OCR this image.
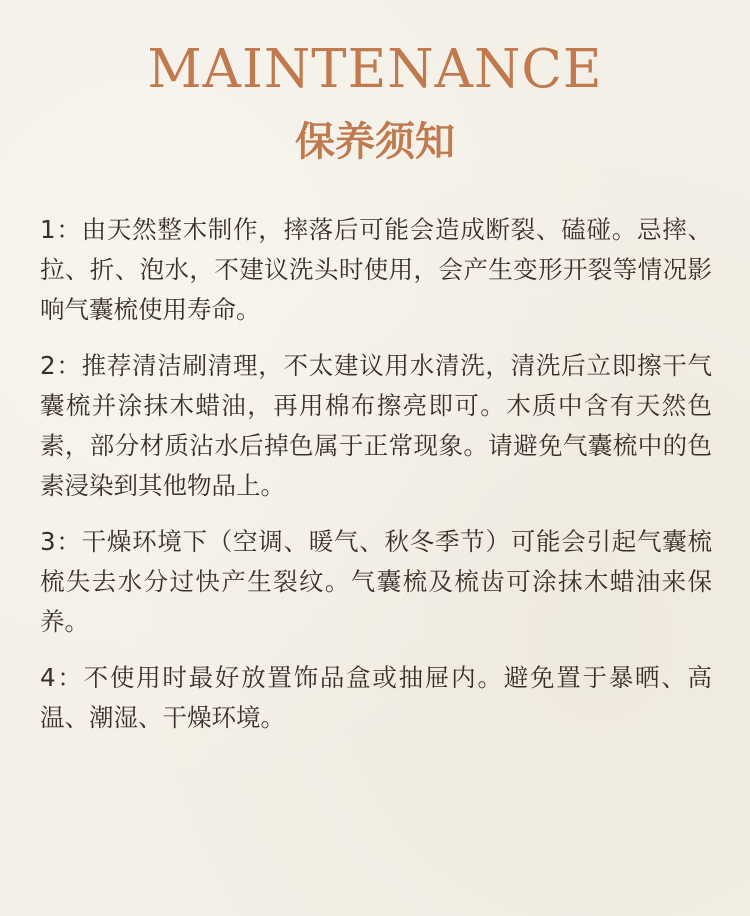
MAINTENANCE
保养须知

1：由天然整木制作，摔落后可能会造成断裂、磕碰。忌摔、拉、折、泡水，不建议洗头时使用，会产生变形开裂等情况影响气囊梳使用寿命。

2：推荐清洁刷清理，不太建议用水清洗，清洗后立即擦干气囊梳并涂抹木蜡油，再用棉布擦亮即可。木质中含有天然色素，部分材质沾水后掉色属于正常现象。请避免气囊梳中的色素浸染到其他物品上。

3：干燥环境下（空调、暖气、秋冬季节）可能会引起气囊梳梳失去水分过快产生裂纹。气囊梳及梳齿可涂抹木蜡油来保养。

4：不使用时最好放置饰品盒或抽屉内。避免置于暴晒、高温、潮湿、干燥环境。
